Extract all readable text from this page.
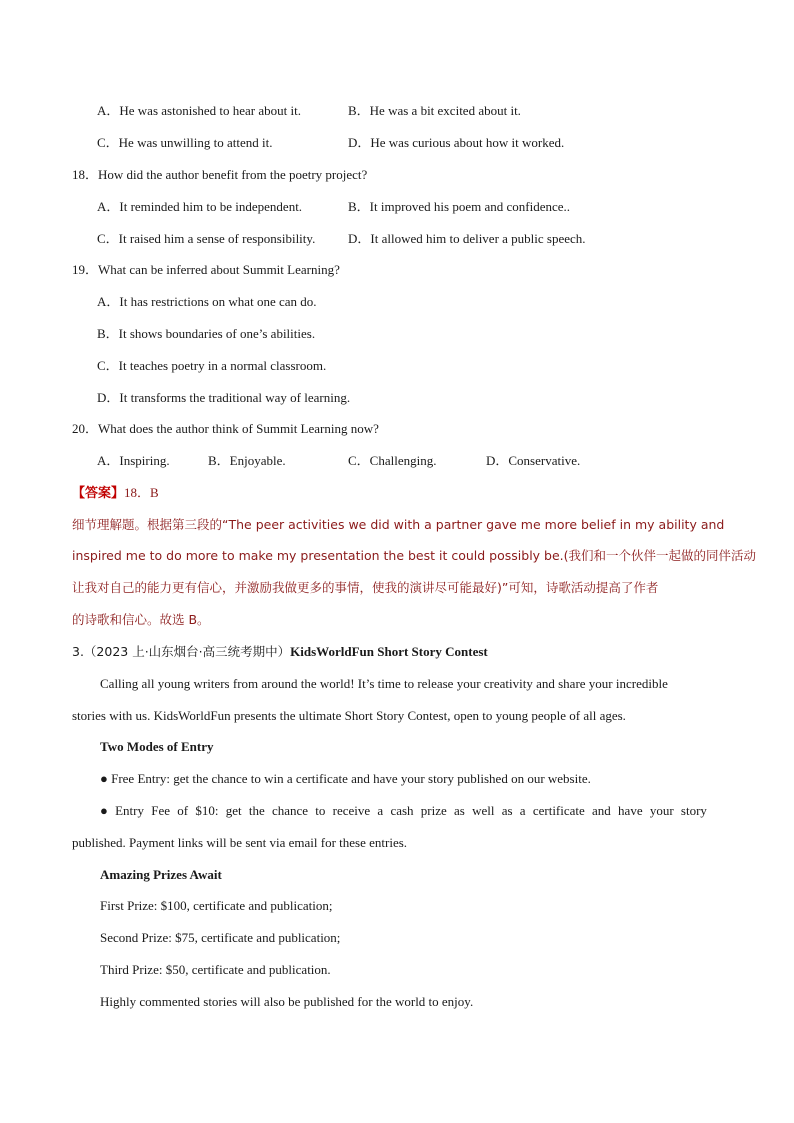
A．He was astonished to hear about it.	B．He was a bit excited about it.
C．He was unwilling to attend it.	D．He was curious about how it worked.
18．How did the author benefit from the poetry project?
A．It reminded him to be independent.	B．It improved his poem and confidence..
C．It raised him a sense of responsibility.	D．It allowed him to deliver a public speech.
19．What can be inferred about Summit Learning?
A．It has restrictions on what one can do.
B．It shows boundaries of one’s abilities.
C．It teaches poetry in a normal classroom.
D．It transforms the traditional way of learning.
20．What does the author think of Summit Learning now?
A．Inspiring.	B．Enjoyable.	C．Challenging.	D．Conservative.
【答案】18．B
细节理解题。根据第三段的“The peer activities we did with a partner gave me more belief in my ability and
inspired me to do more to make my presentation the best it could possibly be.(我们和一个伙伴一起做的同伴活动
让我对自己的能力更有信心，并激励我做更多的事情，使我的演讲尽可能最好)”可知，诗歌活动提高了作者
的诗歌和信心。故选 B。
3.（2023 上·山东烟台·高三统考期中）KidsWorldFun Short Story Contest
Calling all young writers from around the world! It’s time to release your creativity and share your incredible
stories with us. KidsWorldFun presents the ultimate Short Story Contest, open to young people of all ages.
Two Modes of Entry
● Free Entry: get the chance to win a certificate and have your story published on our website.
● Entry Fee of $10: get the chance to receive a cash prize as well as a certificate and have your story
published. Payment links will be sent via email for these entries.
Amazing Prizes Await
First Prize: $100, certificate and publication;
Second Prize: $75, certificate and publication;
Third Prize: $50, certificate and publication.
Highly commented stories will also be published for the world to enjoy.
